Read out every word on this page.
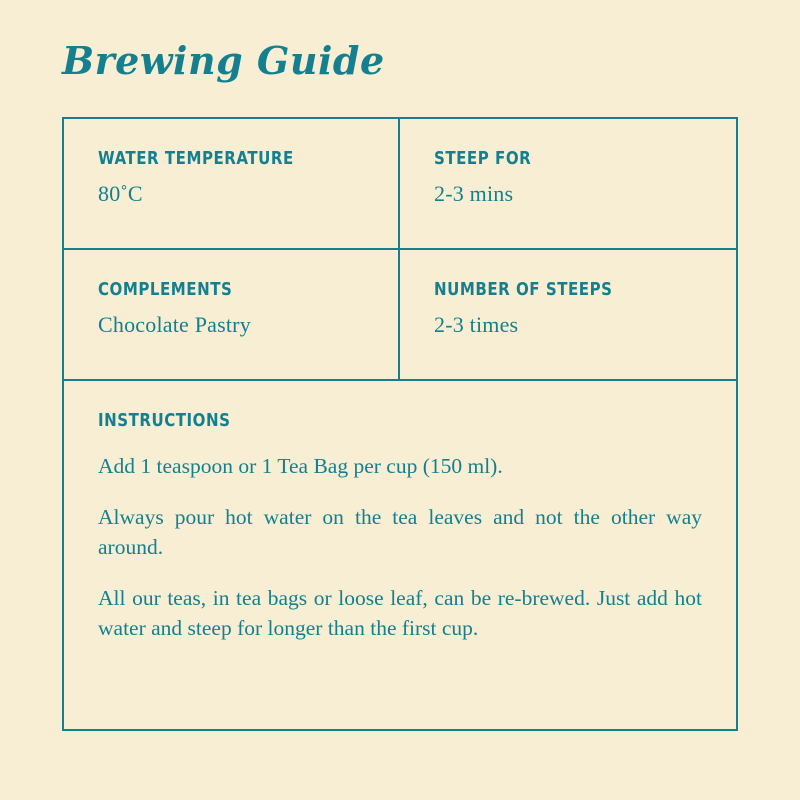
Brewing Guide
WATER TEMPERATURE
80˚C
STEEP FOR
2-3 mins
COMPLEMENTS
Chocolate Pastry
NUMBER OF STEEPS
2-3 times
INSTRUCTIONS

Add 1 teaspoon or 1 Tea Bag per cup (150 ml).

Always pour hot water on the tea leaves and not the other way around.

All our teas, in tea bags or loose leaf, can be re-brewed. Just add hot water and steep for longer than the first cup.
